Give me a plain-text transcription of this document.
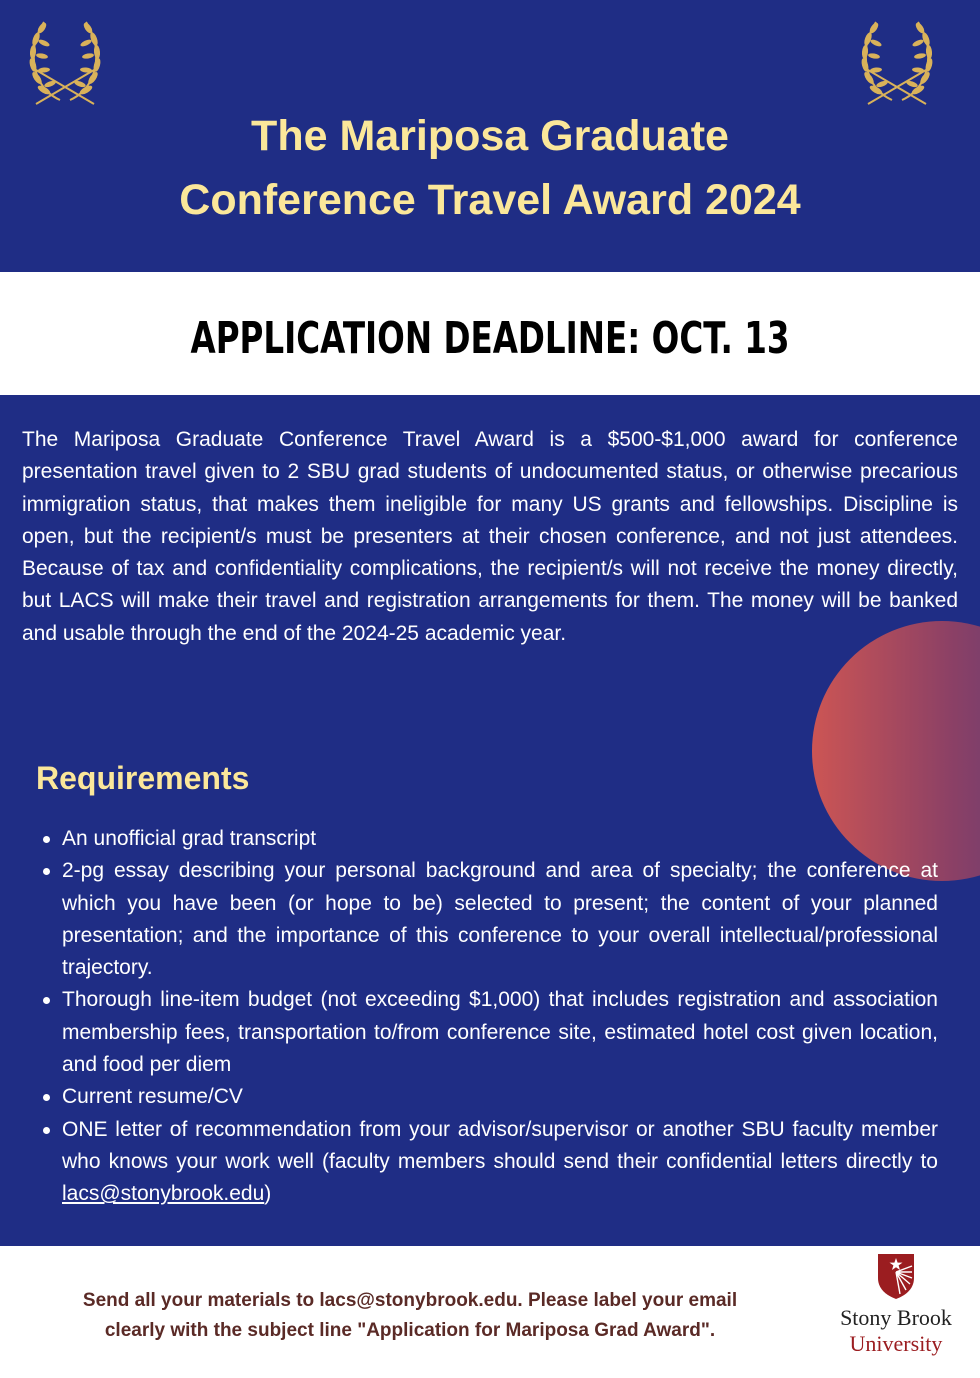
The Mariposa Graduate
Conference Travel Award 2024
APPLICATION DEADLINE: OCT. 13

The Mariposa Graduate Conference Travel Award is a $500-$1,000 award for conference presentation travel given to 2 SBU grad students of undocumented status, or otherwise precarious immigration status, that makes them ineligible for many US grants and fellowships. Discipline is open, but the recipient/s must be presenters at their chosen conference, and not just attendees. Because of tax and confidentiality complications, the recipient/s will not receive the money directly, but LACS will make their travel and registration arrangements for them. The money will be banked and usable through the end of the 2024-25 academic year.

Requirements
An unofficial grad transcript
2-pg essay describing your personal background and area of specialty; the conference at which you have been (or hope to be) selected to present; the content of your planned presentation; and the importance of this conference to your overall intellectual/professional trajectory.
Thorough line-item budget (not exceeding $1,000) that includes registration and association membership fees, transportation to/from conference site, estimated hotel cost given location, and food per diem
Current resume/CV
ONE letter of recommendation from your advisor/supervisor or another SBU faculty member who knows your work well (faculty members should send their confidential letters directly to lacs@stonybrook.edu)
Send all your materials to lacs@stonybrook.edu. Please label your email
clearly with the subject line "Application for Mariposa Grad Award".
Stony Brook
University
